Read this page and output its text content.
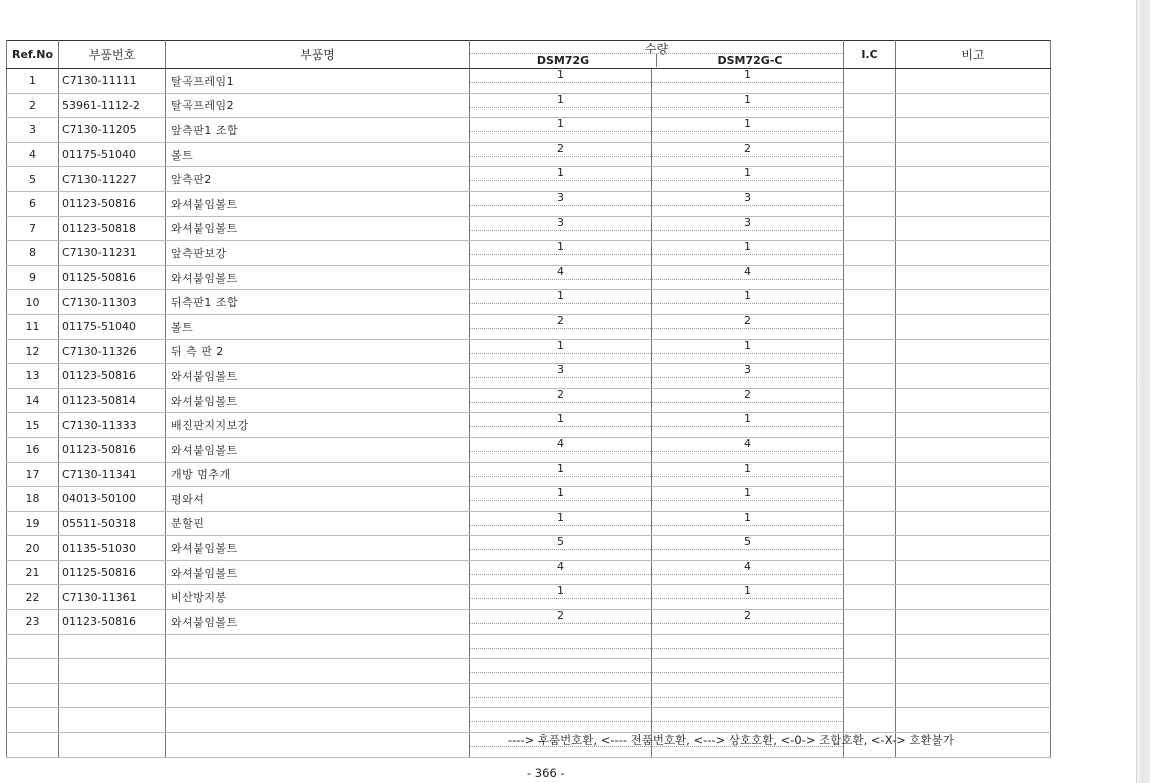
Ref.No	부품번호	부품명	수량
DSM72G DSM72G-C		I.C	비고
1	C7130-11111	탈곡프레임1	1	1		

2	53961-1112-2	탈곡프레임2	1	1		

3	C7130-11205	앞측판1 조합	1	1		

4	01175-51040	볼트	2	2		

5	C7130-11227	앞측판2	1	1		

6	01123-50816	와셔붙임볼트	3	3		

7	01123-50818	와셔붙임볼트	3	3		

8	C7130-11231	앞측판보강	1	1		

9	01125-50816	와셔붙임볼트	4	4		

10	C7130-11303	뒤측판1 조합	1	1		

11	01175-51040	볼트	2	2		

12	C7130-11326	뒤 측 판 2	1	1		

13	01123-50816	와셔붙임볼트	3	3		

14	01123-50814	와셔붙임볼트	2	2		

15	C7130-11333	배진판지지보강	1	1		

16	01123-50816	와셔붙임볼트	4	4		

17	C7130-11341	개방 멈추개	1	1		

18	04013-50100	평와셔	1	1		

19	05511-50318	분할핀	1	1		

20	01135-51030	와셔붙임볼트	5	5		

21	01125-50816	와셔붙임볼트	4	4		

22	C7130-11361	비산방지봉	1	1		

23	01123-50816	와셔붙임볼트	2	2		

----> 후품번호환, <---- 전품번호환, <---> 상호호환, <-0-> 조합호환, <-X-> 호환불가
- 366 -
